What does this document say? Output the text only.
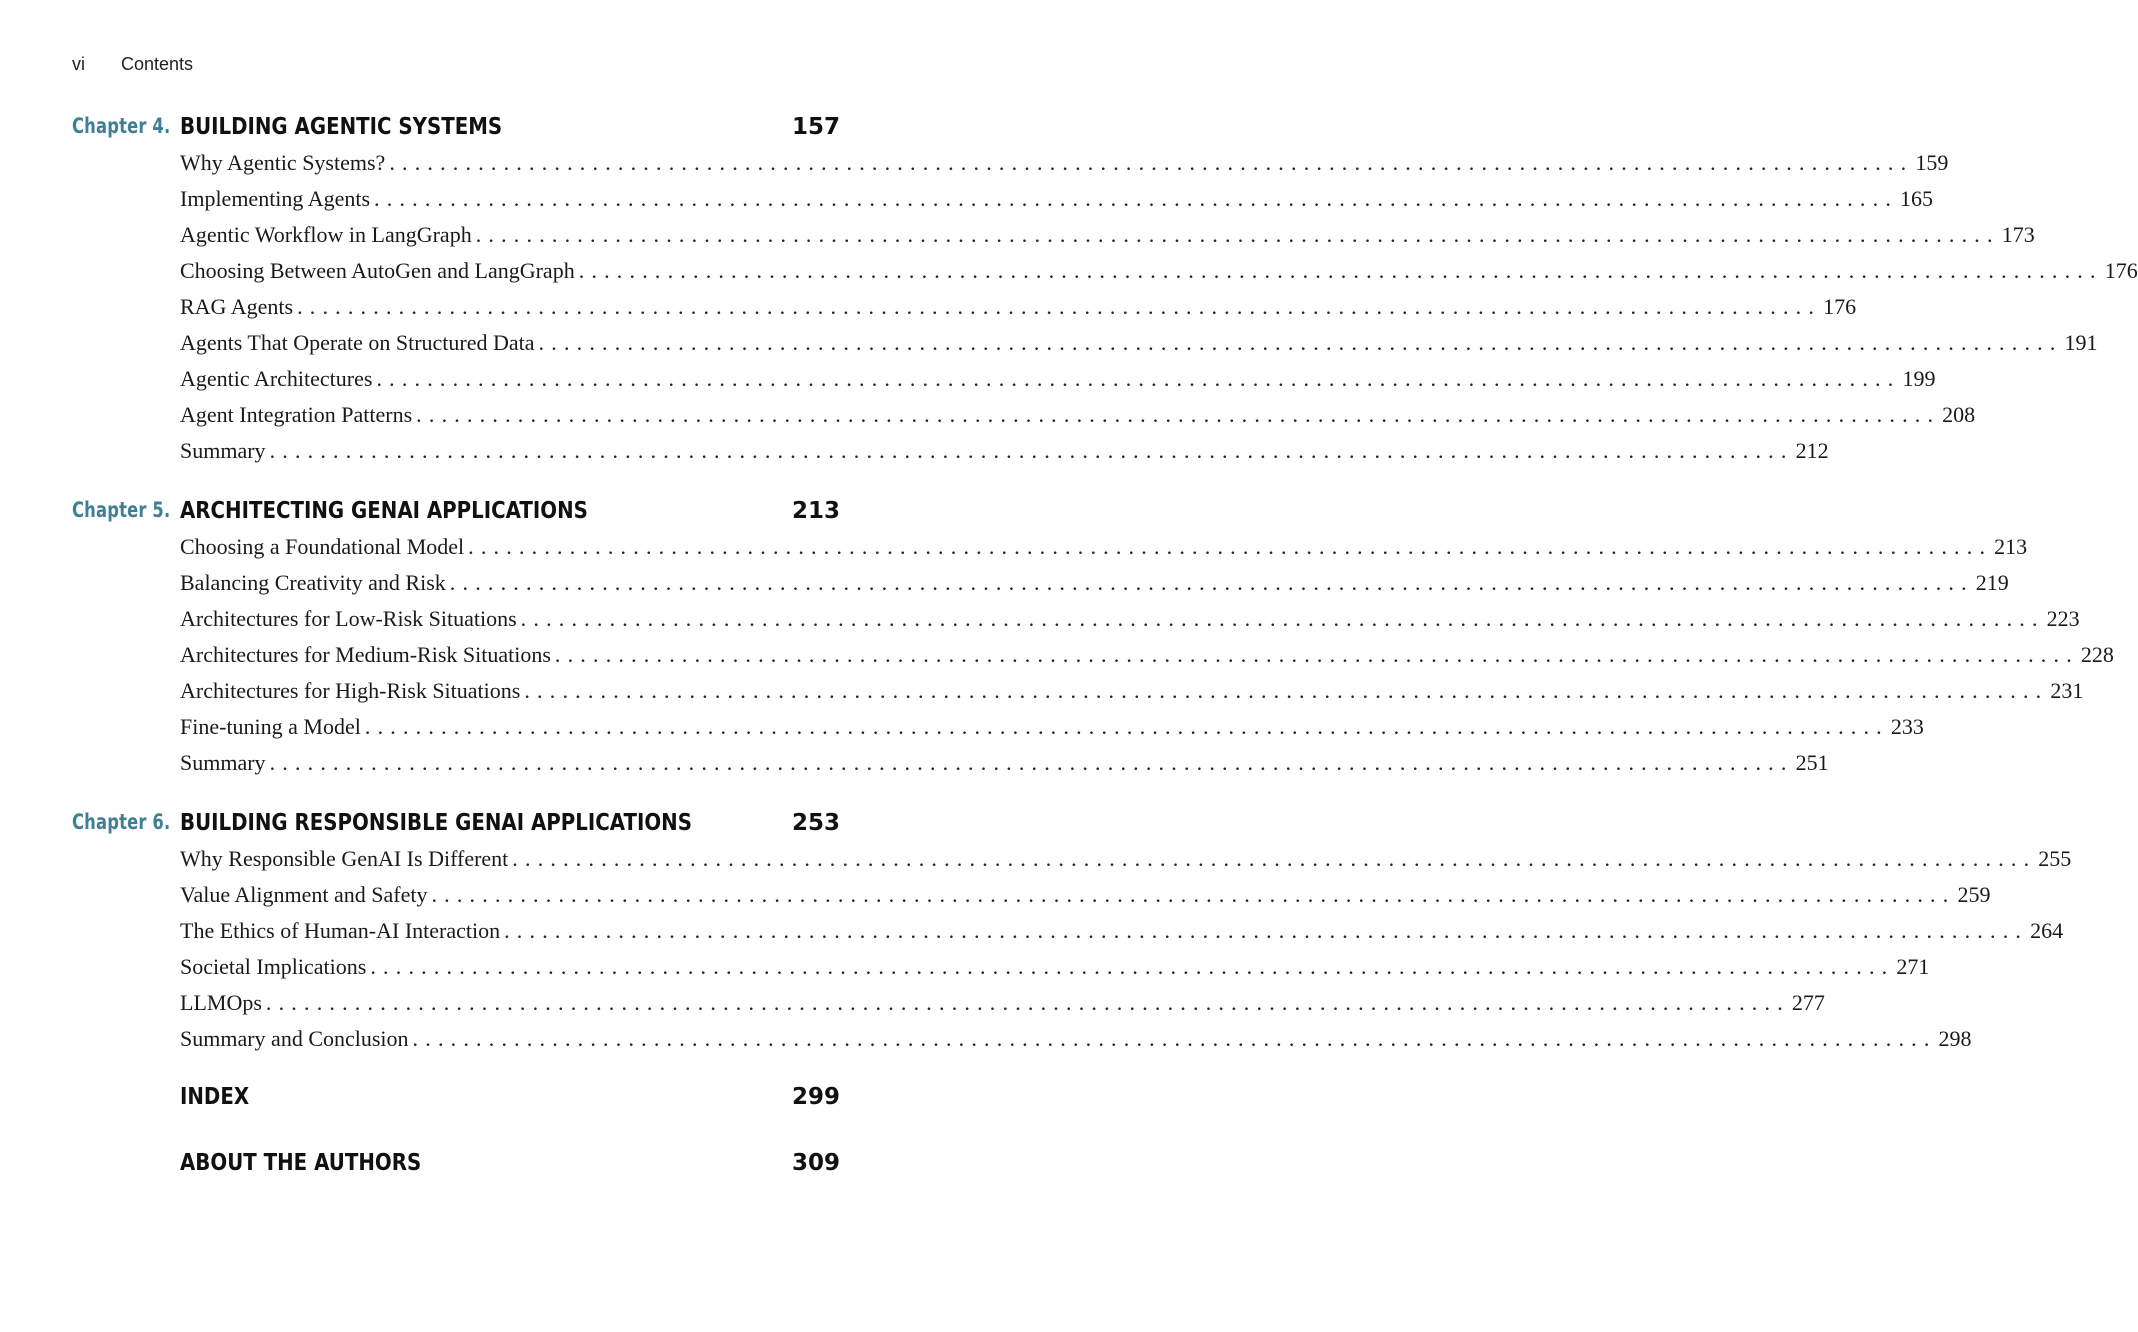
vi	Contents
Chapter 4. BUILDING AGENTIC SYSTEMS	157
Why Agentic Systems? ........................................................................................................................ 159
Implementing Agents ........................................................................................................................ 165
Agentic Workflow in LangGraph ........................................................................................................................ 173
Choosing Between AutoGen and LangGraph ........................................................................................................................ 176
RAG Agents ........................................................................................................................ 176
Agents That Operate on Structured Data ........................................................................................................................ 191
Agentic Architectures ........................................................................................................................ 199
Agent Integration Patterns ........................................................................................................................ 208
Summary ........................................................................................................................ 212
Chapter 5. ARCHITECTING GENAI APPLICATIONS	213
Choosing a Foundational Model ........................................................................................................................ 213
Balancing Creativity and Risk ........................................................................................................................ 219
Architectures for Low-Risk Situations ........................................................................................................................ 223
Architectures for Medium-Risk Situations ........................................................................................................................ 228
Architectures for High-Risk Situations ........................................................................................................................ 231
Fine-tuning a Model ........................................................................................................................ 233
Summary ........................................................................................................................ 251
Chapter 6. BUILDING RESPONSIBLE GENAI APPLICATIONS	253
Why Responsible GenAI Is Different ........................................................................................................................ 255
Value Alignment and Safety ........................................................................................................................ 259
The Ethics of Human-AI Interaction ........................................................................................................................ 264
Societal Implications ........................................................................................................................ 271
LLMOps ........................................................................................................................ 277
Summary and Conclusion ........................................................................................................................ 298
INDEX	299
ABOUT THE AUTHORS	309
